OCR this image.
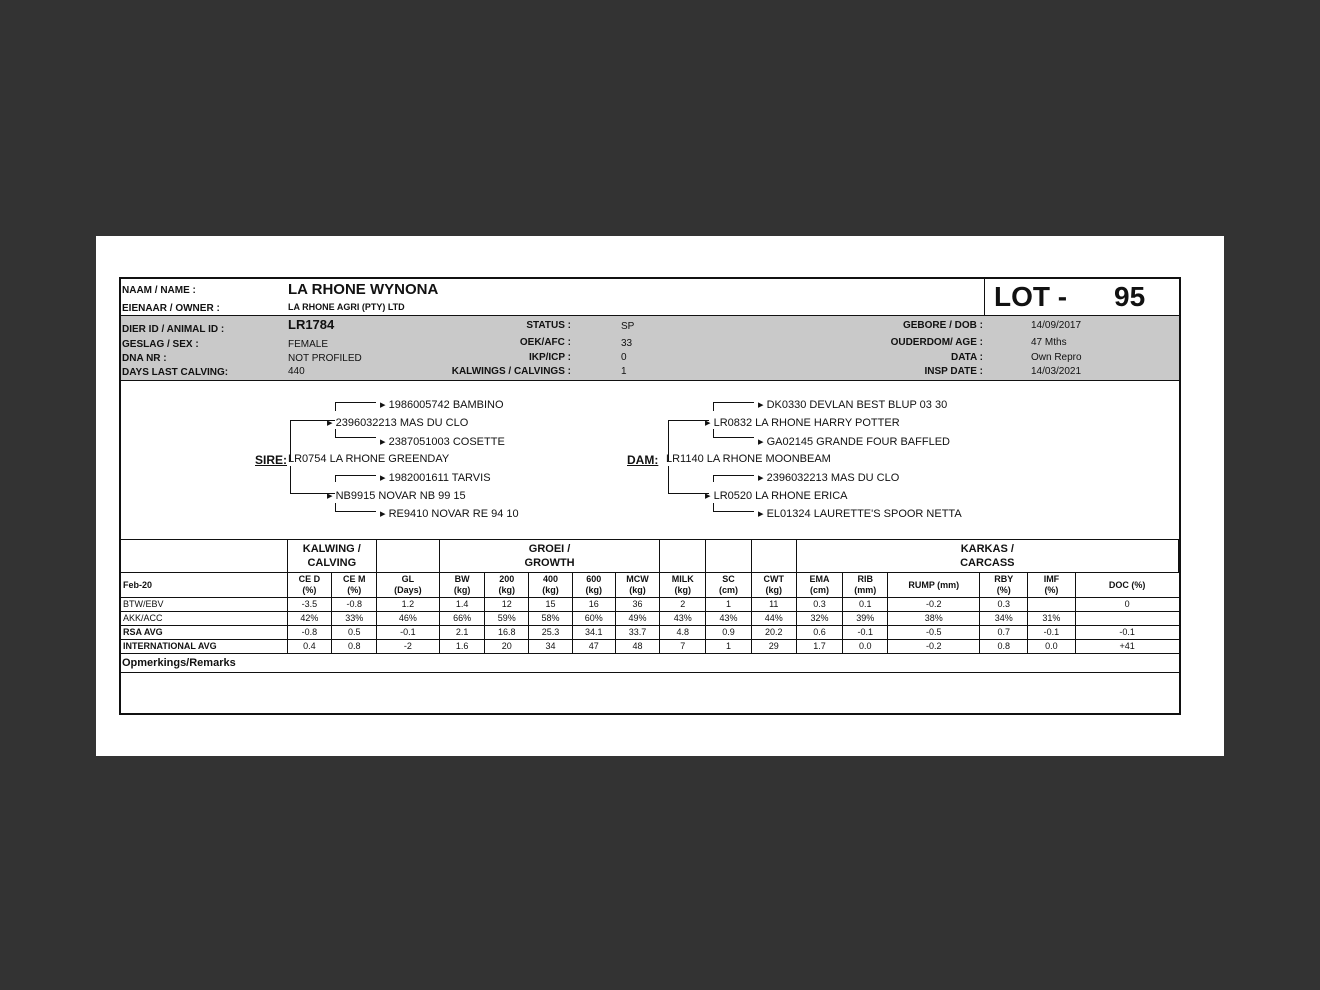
NAAM / NAME :	LA RHONE WYNONA
EIENAAR / OWNER :	LA RHONE AGRI (PTY) LTD	LOT - 95
DIER ID / ANIMAL ID :	LR1784
GESLAG / SEX :	FEMALE
DNA NR :	NOT PROFILED
DAYS LAST CALVING:	440
STATUS :	SP
OEK/AFC :	33
IKP/ICP :	0
KALWINGS / CALVINGS :	1
GEBORE / DOB :	14/09/2017
OUDERDOM/ AGE :	47 Mths
DATA :	Own Repro
INSP DATE :	14/03/2021
▸ 1986005742 BAMBINO
▸ 2396032213 MAS DU CLO
▸ 2387051003 COSETTE
SIRE: LR0754 LA RHONE GREENDAY
▸ 1982001611 TARVIS
▸ NB9915 NOVAR NB 99 15
▸ RE9410 NOVAR RE 94 10
▸ DK0330 DEVLAN BEST BLUP 03 30
▸ LR0832 LA RHONE HARRY POTTER
▸ GA02145 GRANDE FOUR BAFFLED
DAM: LR1140 LA RHONE MOONBEAM
▸ 2396032213 MAS DU CLO
▸ LR0520 LA RHONE ERICA
▸ EL01324 LAURETTE'S SPOOR NETTA
	KALWING /
CALVING			GROEI /
GROWTH								KARKAS /
CARCASS						
Feb-20	CE D
(%)	CE M
(%)	GL
(Days)	BW
(kg)	200
(kg)	400
(kg)	600
(kg)	MCW
(kg)	MILK
(kg)	SC
(cm)	CWT
(kg)	EMA
(cm)	RIB
(mm)	RUMP (mm)	RBY
(%)	IMF
(%)	DOC (%)	
BTW/EBV	-3.5	-0.8	1.2	1.4	12	15	16	36	2	1	11	0.3	0.1	-0.2	0.3		0	
AKK/ACC	42%	33%	46%	66%	59%	58%	60%	49%	43%	43%	44%	32%	39%	38%	34%	31%		
RSA AVG	-0.8	0.5	-0.1	2.1	16.8	25.3	34.1	33.7	4.8	0.9	20.2	0.6	-0.1	-0.5	0.7	-0.1	-0.1	
INTERNATIONAL AVG	0.4	0.8	-2	1.6	20	34	47	48	7	1	29	1.7	0.0	-0.2	0.8	0.0	+41	
Opmerkings/Remarks
